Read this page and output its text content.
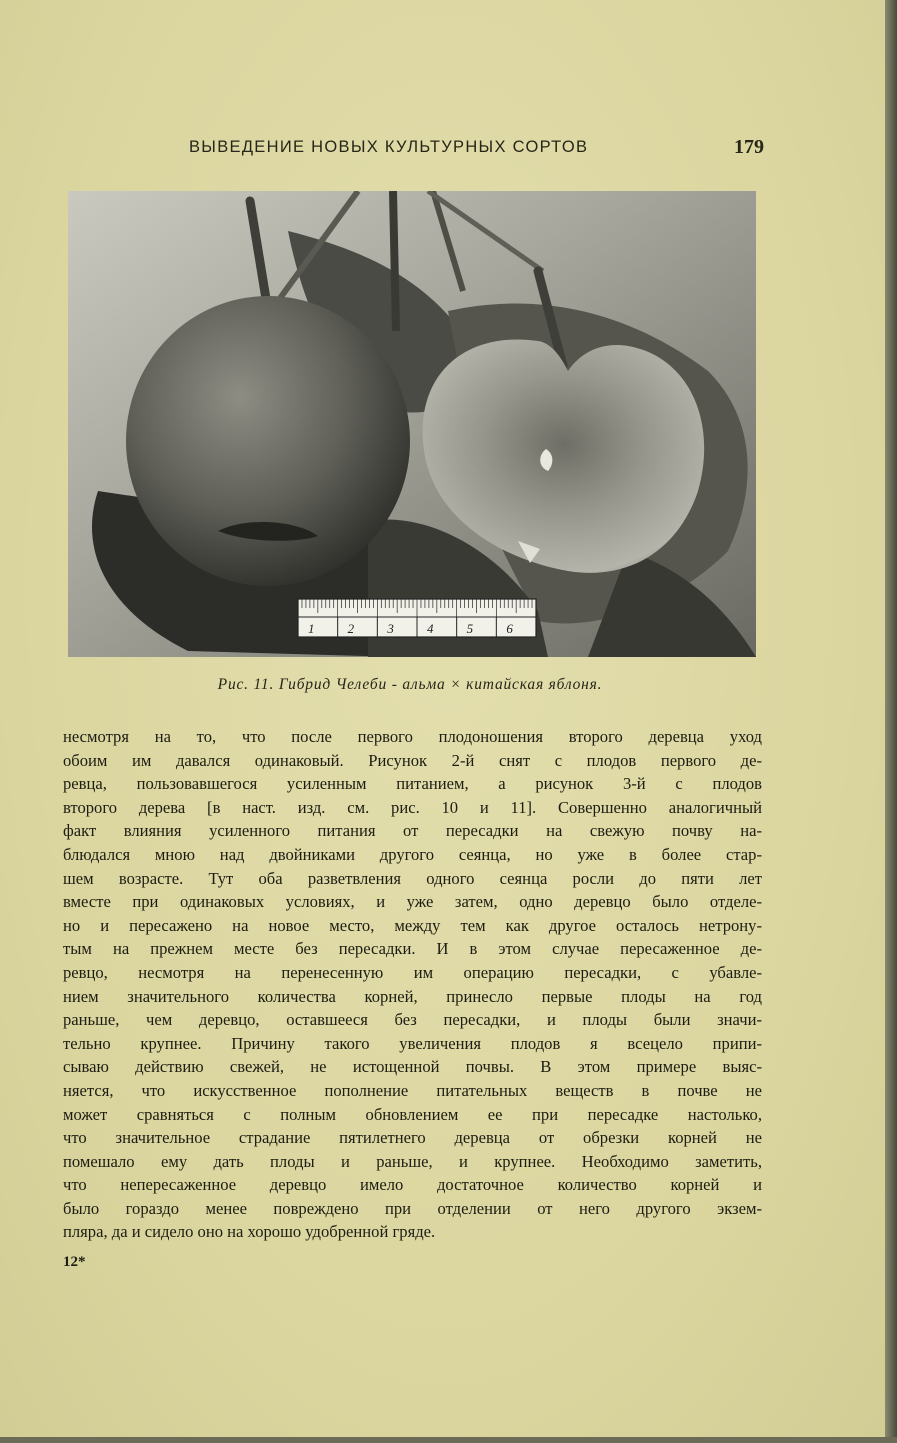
ВЫВЕДЕНИЕ НОВЫХ КУЛЬТУРНЫХ СОРТОВ	179
1	2	3	4	5	6
Рис. 11. Гибрид Челеби - альма × китайская яблоня.
несмотря на то, что после первого плодоношения второго деревца уход
обоим им давался одинаковый. Рисунок 2-й снят с плодов первого де-
ревца, пользовавшегося усиленным питанием, а рисунок 3-й с плодов
второго дерева [в наст. изд. см. рис. 10 и 11]. Совершенно аналогичный
факт влияния усиленного питания от пересадки на свежую почву на-
блюдался мною над двойниками другого сеянца, но уже в более стар-
шем возрасте. Тут оба разветвления одного сеянца росли до пяти лет
вместе при одинаковых условиях, и уже затем, одно деревцо было отделе-
но и пересажено на новое место, между тем как другое осталось нетрону-
тым на прежнем месте без пересадки. И в этом случае пересаженное де-
ревцо, несмотря на перенесенную им операцию пересадки, с убавле-
нием значительного количества корней, принесло первые плоды на год
раньше, чем деревцо, оставшееся без пересадки, и плоды были значи-
тельно крупнее. Причину такого увеличения плодов я всецело припи-
сываю действию свежей, не истощенной почвы. В этом примере выяс-
няется, что искусственное пополнение питательных веществ в почве не
может сравняться с полным обновлением ее при пересадке настолько,
что значительное страдание пятилетнего деревца от обрезки корней не
помешало ему дать плоды и раньше, и крупнее. Необходимо заметить,
что непересаженное деревцо имело достаточное количество корней и
было гораздо менее повреждено при отделении от него другого экзем-
пляра, да и сидело оно на хорошо удобренной гряде.
12*
